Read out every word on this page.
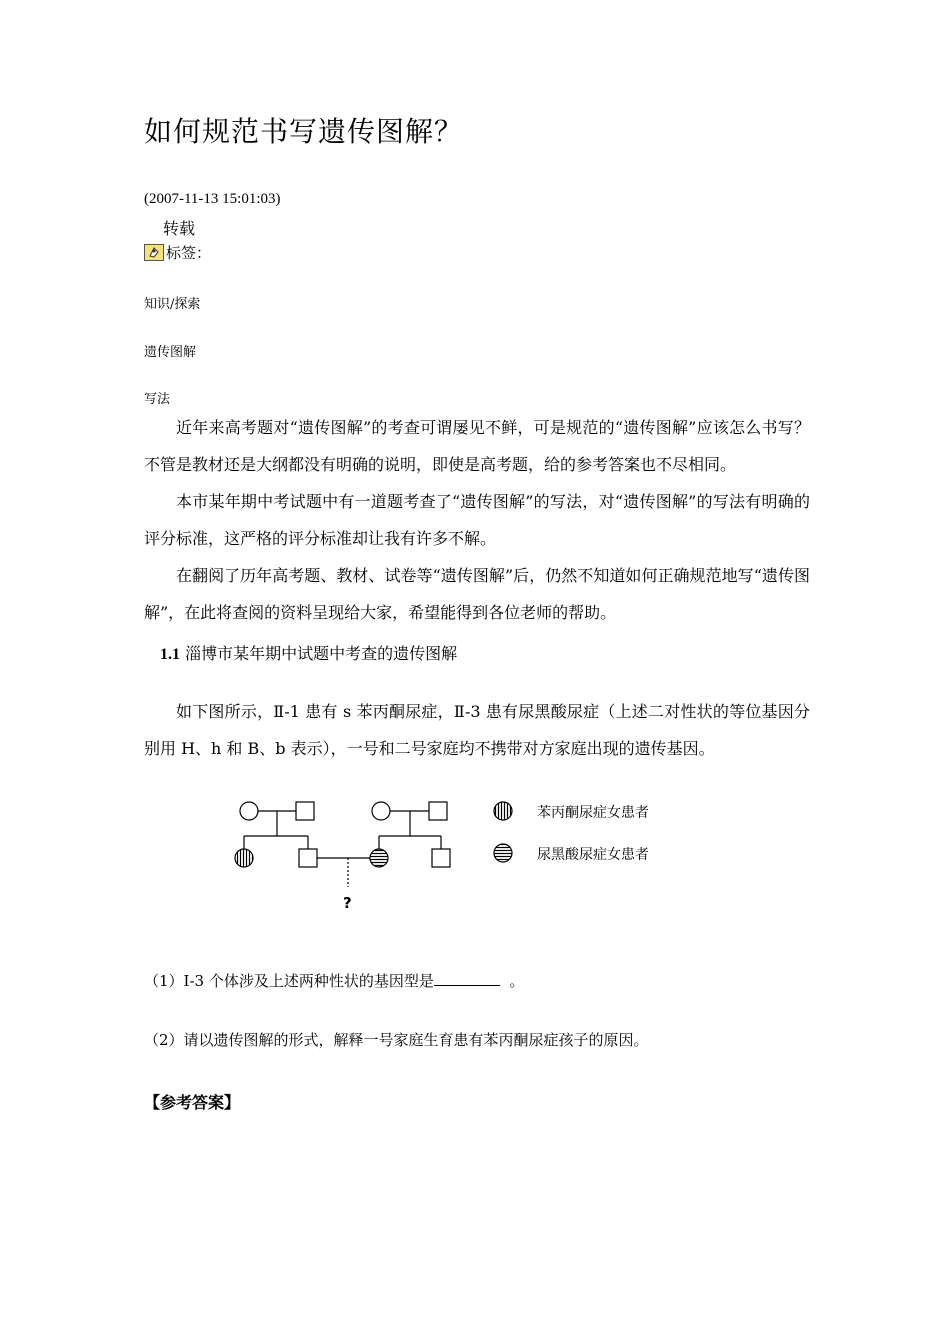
如何规范书写遗传图解？
(2007-11-13 15:01:03)
转载
标签：
知识/探索
遗传图解
写法

近年来高考题对“遗传图解”的考查可谓屡见不鲜，可是规范的“遗传图解”应该怎么书写？不管是教材还是大纲都没有明确的说明，即使是高考题，给的参考答案也不尽相同。

本市某年期中考试题中有一道题考查了“遗传图解”的写法，对“遗传图解”的写法有明确的评分标准，这严格的评分标准却让我有许多不解。

在翻阅了历年高考题、教材、试卷等“遗传图解”后，仍然不知道如何正确规范地写“遗传图解”，在此将查阅的资料呈现给大家，希望能得到各位老师的帮助。

1.1 淄博市某年期中试题中考查的遗传图解

如下图所示，Ⅱ-1 患有 s 苯丙酮尿症，Ⅱ-3 患有尿黑酸尿症（上述二对性状的等位基因分别用 H、h 和 B、b 表示），一号和二号家庭均不携带对方家庭出现的遗传基因。

?
苯丙酮尿症女患者
尿黑酸尿症女患者
（1）Ⅰ-3 个体涉及上述两种性状的基因型是	。
（2）请以遗传图解的形式，解释一号家庭生育患有苯丙酮尿症孩子的原因。
【参考答案】
